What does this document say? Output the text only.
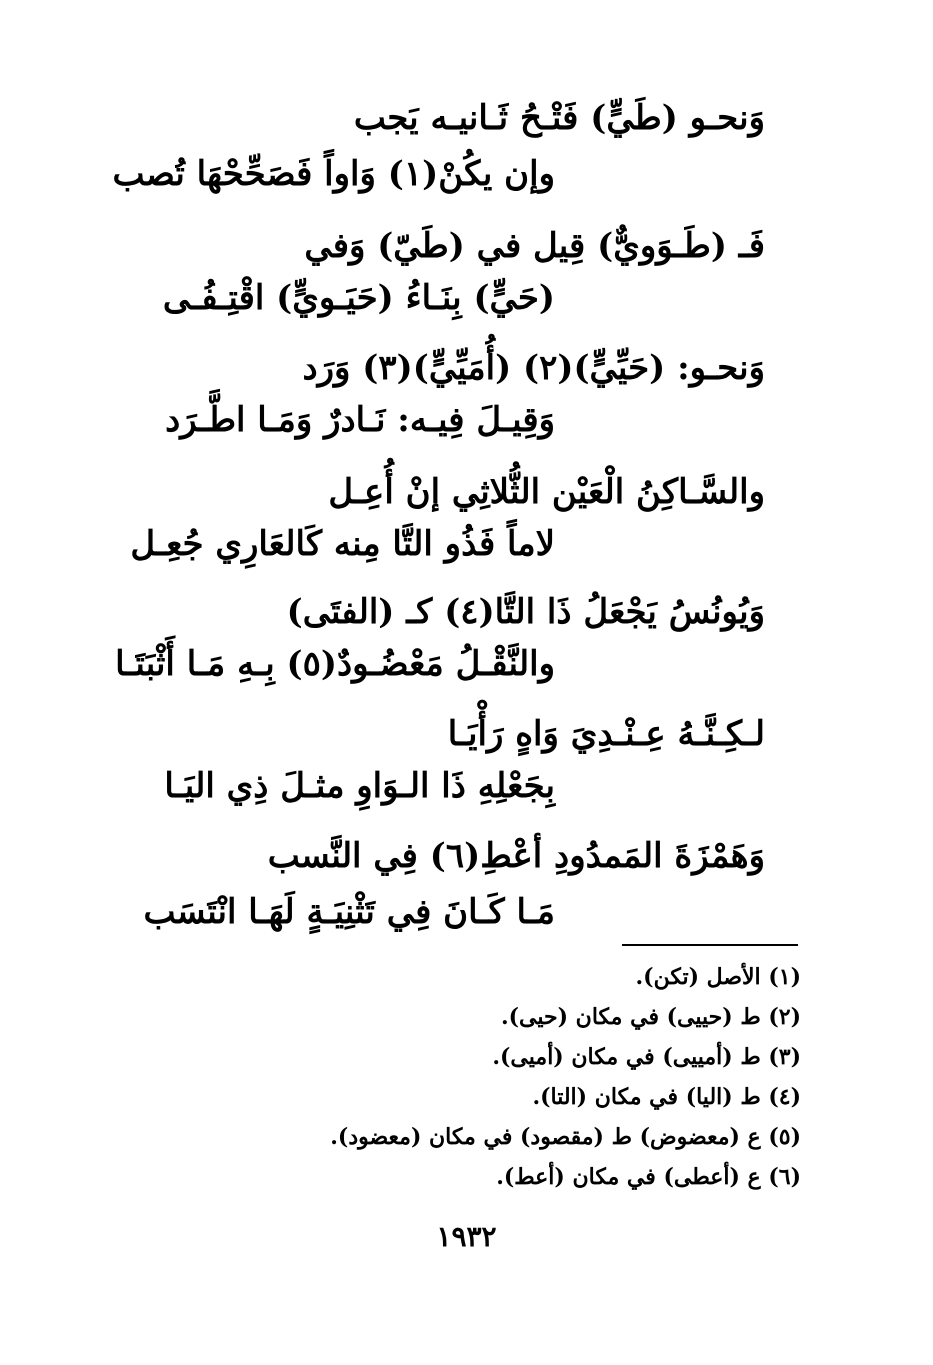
وَنحـو (طَيٍّ) فَتْـحُ ثَـانيـه يَجب
وإن يكُنْ(١) وَاواً فَصَحِّحْهَا تُصب
فَـ (طَـوَويٌّ) قِيل في (طَيّ) وَفي
(حَيٍّ) بِنَـاءُ (حَيَـويٍّ) اقْتِـفُـى
وَنحـو: (حَيِّيٍّ)(٢) (أُمَيِّيٍّ)(٣) وَرَد
وَقِيـلَ فِيـه: نَـادرٌ وَمَـا اطَّـرَد
والسَّـاكِنُ الْعَيْن الثُّلاثِي إنْ أُعِـل
لاماً فَذُو التَّا مِنه كَالعَارِي جُعِـل
وَيُونُسُ يَجْعَلُ ذَا التَّا(٤) كـ (الفتَى)
والنَّقْـلُ مَعْضُـودٌ(٥) بِـهِ مَـا أَثْبَتَـا
لـكِـنَّـهُ عِـنْـدِيَ وَاهٍ رَأْيَـا
بِجَعْلِهِ ذَا الـوَاوِ مثـلَ ذِي اليَـا
وَهَمْزَةَ المَمدُودِ أعْطِ(٦) فِي النَّسب
مَـا كَـانَ فِي تَثْنِيَـةٍ لَهَـا انْتَسَب
(١) الأصل (تكن).
(٢) ط (حييى) في مكان (حيى).
(٣) ط (أمييى) في مكان (أميى).
(٤) ط (اليا) في مكان (التا).
(٥) ع (معضوض) ط (مقصود) في مكان (معضود).
(٦) ع (أعطى) في مكان (أعط).
١٩٣٢
